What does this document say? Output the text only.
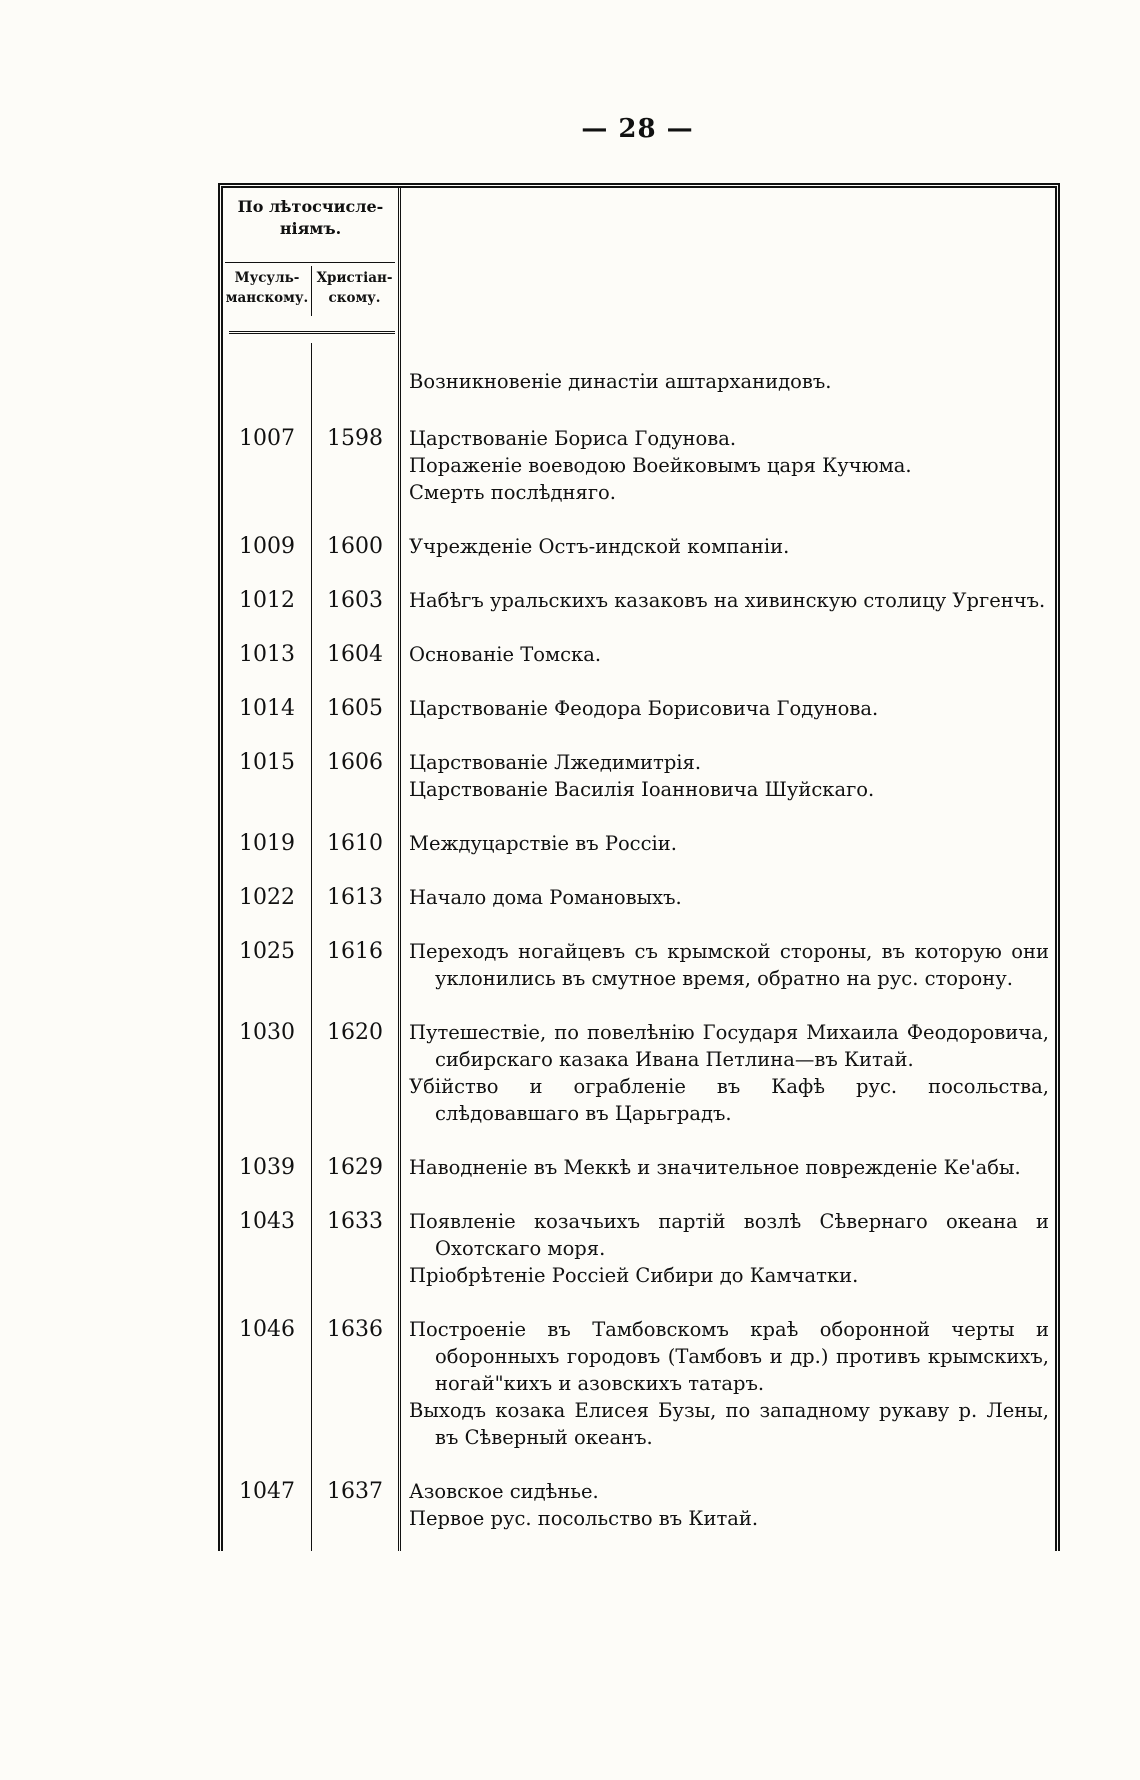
— 28 —
По лѣтосчисле-ніямъ.
Мусуль-манскому.
Христіан-скому.
Возникновеніе династіи аштарханидовъ.
1007	1598	Царствованіе Бориса Годунова.
Пораженіе воеводою Воейковымъ царя Кучюма.
Смерть послѣдняго.
1009	1600	Учрежденіе Остъ-индской компаніи.
1012	1603	Набѣгъ уральскихъ казаковъ на хивинскую столицу Ургенчъ.
1013	1604	Основаніе Томска.
1014	1605	Царствованіе Феодора Борисовича Годунова.
1015	1606	Царствованіе Лжедимитрія.
Царствованіе Василія Іоанновича Шуйскаго.
1019	1610	Междуцарствіе въ Россіи.
1022	1613	Начало дома Романовыхъ.
1025	1616	Переходъ ногайцевъ съ крымской стороны, въ которую они уклонились въ смутное время, обратно на рус. сторону.
1030	1620	Путешествіе, по повелѣнію Государя Михаила Феодоровича, сибирскаго казака Ивана Петлина—въ Китай.
Убійство и ограбленіе въ Кафѣ рус. посольства, слѣдовавшаго въ Царьградъ.
1039	1629	Наводненіе въ Меккѣ и значительное поврежденіе Ке'абы.
1043	1633	Появленіе козачьихъ партій возлѣ Сѣвернаго океана и Охотскаго моря.
Пріобрѣтеніе Россіей Сибири до Камчатки.
1046	1636	Построеніе въ Тамбовскомъ краѣ оборонной черты и оборонныхъ городовъ (Тамбовъ и др.) противъ крымскихъ, ногай"кихъ и азовскихъ татаръ.
Выходъ козака Елисея Бузы, по западному рукаву р. Лены, въ Сѣверный океанъ.
1047	1637	Азовское сидѣнье.
Первое рус. посольство въ Китай.
